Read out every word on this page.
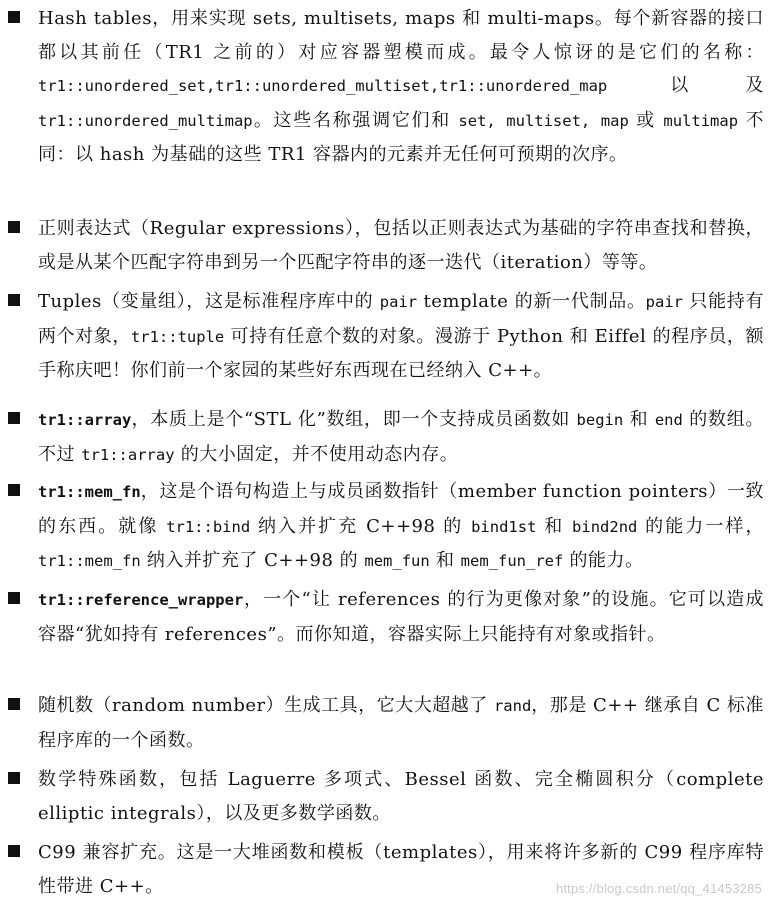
Hash tables，用来实现 sets, multisets, maps 和 multi-maps。每个新容器的接口都以其前任（TR1 之前的）对应容器塑模而成。最令人惊讶的是它们的名称：tr1::unordered_set,tr1::unordered_multiset,tr1::unordered_map 以及 tr1::unordered_multimap。这些名称强调它们和 set, multiset, map 或 multimap 不同：以 hash 为基础的这些 TR1 容器内的元素并无任何可预期的次序。

正则表达式（Regular expressions），包括以正则表达式为基础的字符串查找和替换，或是从某个匹配字符串到另一个匹配字符串的逐一迭代（iteration）等等。

Tuples（变量组），这是标准程序库中的 pair template 的新一代制品。pair 只能持有两个对象，tr1::tuple 可持有任意个数的对象。漫游于 Python 和 Eiffel 的程序员，额手称庆吧！你们前一个家园的某些好东西现在已经纳入 C++。

tr1::array，本质上是个“STL 化”数组，即一个支持成员函数如 begin 和 end 的数组。不过 tr1::array 的大小固定，并不使用动态内存。

tr1::mem_fn，这是个语句构造上与成员函数指针（member function pointers）一致的东西。就像 tr1::bind 纳入并扩充 C++98 的 bind1st 和 bind2nd 的能力一样，tr1::mem_fn 纳入并扩充了 C++98 的 mem_fun 和 mem_fun_ref 的能力。

tr1::reference_wrapper，一个“让 references 的行为更像对象”的设施。它可以造成容器“犹如持有 references”。而你知道，容器实际上只能持有对象或指针。

随机数（random number）生成工具，它大大超越了 rand，那是 C++ 继承自 C 标准程序库的一个函数。

数学特殊函数，包括 Laguerre 多项式、Bessel 函数、完全椭圆积分（complete elliptic integrals），以及更多数学函数。

C99 兼容扩充。这是一大堆函数和模板（templates），用来将许多新的 C99 程序库特性带进 C++。	https://blog.csdn.net/qq_41453285
